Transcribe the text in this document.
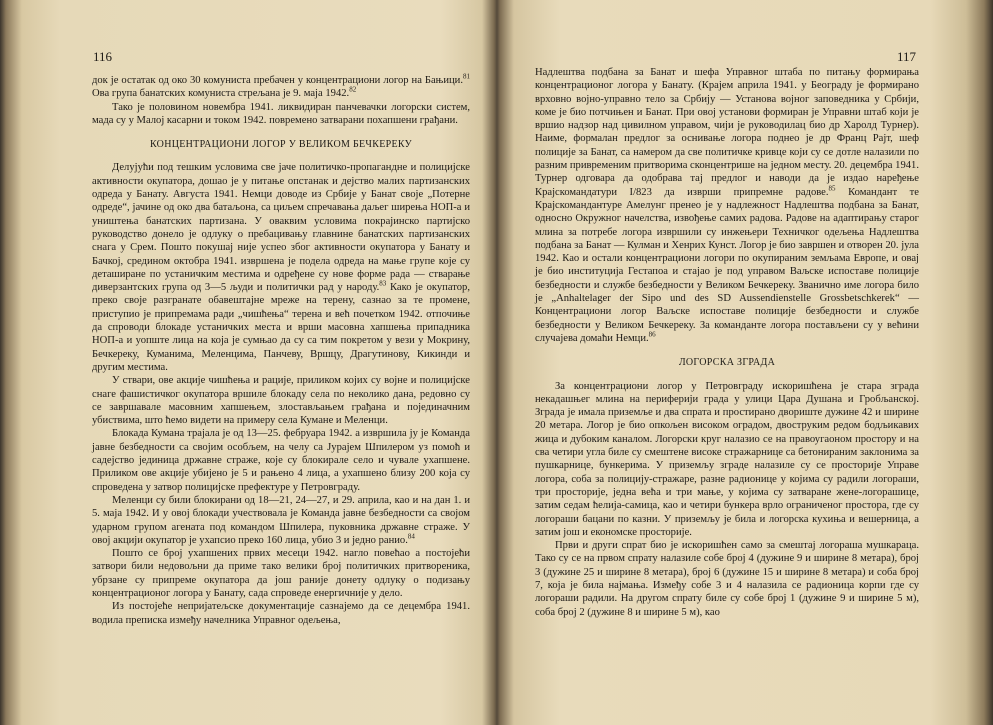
116

док је остатак од око 30 комуниста пребачен у концентрациони логор на Бањици.$^{81}$ Ова група банатских комуниста стрељана је 9. маја 1942.82

Тако је половином новембра 1941. ликвидиран панчевачки логорски систем, мада су у Малој касарни и током 1942. повремено затварани похапшени грађани.

КОНЦЕНТРАЦИОНИ ЛОГОР У ВЕЛИКОМ БЕЧКЕРЕКУ

Делујући под тешким условима све јаче политичко-пропагандне и полицијске активности окупатора, дошао је у питање опстанак и дејство малих партизанских одреда у Банату. Августа 1941. Немци доводе из Србије у Банат своје „Потерне одреде“, јачине од око два батаљона, са циљем спречавања даљег ширења НОП-а и уништења банатских партизана. У оваквим условима покрајинско партијско руководство донело је одлуку о пребацивању главнине банатских партизанских снага у Срем. Пошто покушај није успео због активности окупатора у Банату и Бачкој, средином октобра 1941. извршена је подела одреда на мање групе које су деташиране по устаничким местима и одређене су нове форме рада — стварање диверзантских група од 3—5 људи и политички рад у народу.$^{83}$ Како је окупатор, преко своје разгранате обавештајне мреже на терену, сазнао за те промене, приступио је припремама ради „чишћења“ терена и већ почетком 1942. отпочиње да спроводи блокаде устаничких места и врши масовна хапшења припадника НОП-а и уопште лица на која је сумњао да су са тим покретом у вези у Мокрину, Бечкереку, Куманима, Меленцима, Панчеву, Вршцу, Драгутинову, Кикинди и другим местима.

У ствари, ове акције чишћења и рације, приликом којих су војне и полицијске снаге фашистичког окупатора вршиле блокаду села по неколико дана, редовно су се завршавале масовним хапшењем, злостављањем грађана и појединачним убиствима, што ћемо видети на примеру села Кумане и Меленци.

Блокада Кумана трајала је од 13—25. фебруара 1942. а извршила ју је Команда јавне безбедности са својим особљем, на челу са Јурајем Шпилером уз помоћ и садејство јединица државне страже, које су блокирале село и чувале ухапшене. Приликом ове акције убијено је 5 и рањено 4 лица, а ухапшено близу 200 која су спроведена у затвор полицијске префектуре у Петровграду.

Меленци су били блокирани од 18—21, 24—27, и 29. априла, као и на дан 1. и 5. маја 1942. И у овој блокади учествовала је Команда јавне безбедности са својом ударном групом агената под командом Шпилера, пуковника државне страже. У овој акцији окупатор је ухапсио преко 160 лица, убио 3 и једно ранио.$^{84}$

Пошто се број ухапшених првих месеци 1942. нагло повећао а постојећи затвори били недовољни да приме тако велики број политичких притвореника, убрзане су припреме окупатора да још раније донету одлуку о подизању концентрационог логора у Банату, сада спроведе енергичније у дело.

Из постојеће непријатељске документације сазнајемо да се децембра 1941. водила преписка између начелника Управног одељења,

117

Надлештва подбана за Банат и шефа Управног штаба по питању формирања концентрационог логора у Банату. (Крајем априла 1941. у Београду је формирано врховно војно-управно тело за Србију — Установа војног заповедника у Србији, коме је био потчињен и Банат. При овој установи формиран је Управни штаб који је вршио надзор над цивилном управом, чији је руководилац био др Харолд Турнер). Наиме, формалан предлог за оснивање логора поднео је др Франц Рајт, шеф полиције за Банат, са намером да све политичке кривце који су се дотле налазили по разним привременим притворима сконцентрише на једном месту. 20. децембра 1941. Турнер одговара да одобрава тај предлог и наводи да је издао наређење Крајскомандатури I/823 да изврши припремне радове.$^{85}$ Командант те Крајскомандантуре Амелунг пренео је у надлежност Надлештва подбана за Банат, односно Окружног начелства, извођење самих радова. Радове на адаптирању старог млина за потребе логора извршили су инжењери Техничког одељења Надлештва подбана за Банат — Кулман и Хенрих Кунст. Логор је био завршен и отворен 20. јула 1942. Као и остали концентрациони логори по окупираним земљама Европе, и овај је био институција Гестапоа и стајао је под управом Ваљске испоставе полиције безбедности и службе безбедности у Великом Бечкереку. Званично име логора било је „Anhaltelager der Sipo und des SD Aussendienstelle Grossbetschkerek“ — Концентрациони логор Ваљске испоставе полиције безбедности и службе безбедности у Великом Бечкереку. За команданте логора постављени су у већини случајева домаћи Немци.$^{86}$

ЛОГОРСКА ЗГРАДА

За концентрациони логор у Петровграду искоришћена је стара зграда некадашњег млина на периферији града у улици Цара Душана и Гробљанској. Зграда је имала приземље и два спрата и простирано двориште дужине 42 и ширине 20 метара. Логор је био опкољен високом оградом, двоструким редом бодљикавих жица и дубоким каналом. Логорски круг налазио се на правоугаоном простору и на сва четири угла биле су смештене високе стражарнице са бетонираним заклонима за пушкарнице, бункерима. У приземљу зграде налазиле су се просторије Управе логора, соба за полицију-стражаре, разне радионице у којима су радили логораши, три просторије, једна већа и три мање, у којима су затваране жене-логорашице, затим седам ћелија-самица, као и четири бункера врло ограниченог простора, где су логораши бацани по казни. У приземљу је била и логорска кухиња и вешерница, а затим још и економске просторије.

Први и други спрат био је искоришћен само за смештај логораша мушкараца. Тако су се на првом спрату налазиле собе број 4 (дужине 9 и ширине 8 метара), број 3 (дужине 25 и ширине 8 метара), број 6 (дужине 15 и ширине 8 метара) и соба број 7, која је била најмања. Између собе 3 и 4 налазила се радионица корпи где су логораши радили. На другом спрату биле су собе број 1 (дужине 9 и ширине 5 м), соба број 2 (дужине 8 и ширине 5 м), као
